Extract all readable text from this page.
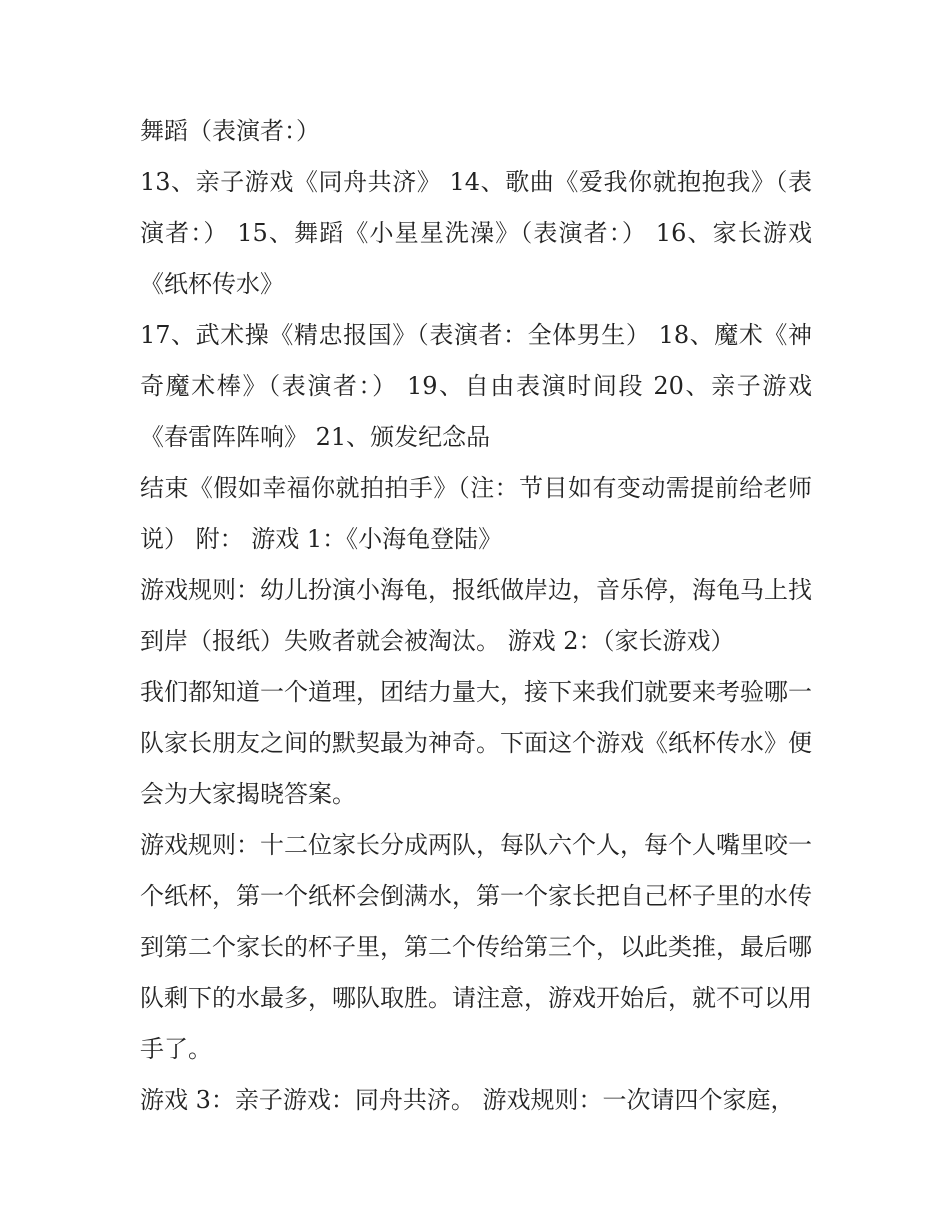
舞蹈（表演者：）

13、亲子游戏《同舟共济》 14、歌曲《爱我你就抱抱我》（表演者：） 15、舞蹈《小星星洗澡》（表演者：） 16、家长游戏《纸杯传水》

17、武术操《精忠报国》（表演者：全体男生） 18、魔术《神奇魔术棒》（表演者：） 19、自由表演时间段 20、亲子游戏《春雷阵阵响》 21、颁发纪念品

结束《假如幸福你就拍拍手》（注：节目如有变动需提前给老师说） 附： 游戏 1：《小海龟登陆》

游戏规则：幼儿扮演小海龟，报纸做岸边，音乐停，海龟马上找到岸（报纸）失败者就会被淘汰。 游戏 2：（家长游戏）

我们都知道一个道理，团结力量大，接下来我们就要来考验哪一队家长朋友之间的默契最为神奇。下面这个游戏《纸杯传水》便会为大家揭晓答案。

游戏规则：十二位家长分成两队，每队六个人，每个人嘴里咬一个纸杯，第一个纸杯会倒满水，第一个家长把自己杯子里的水传到第二个家长的杯子里，第二个传给第三个，以此类推，最后哪队剩下的水最多，哪队取胜。请注意，游戏开始后，就不可以用手了。

游戏 3：亲子游戏：同舟共济。 游戏规则：一次请四个家庭，
